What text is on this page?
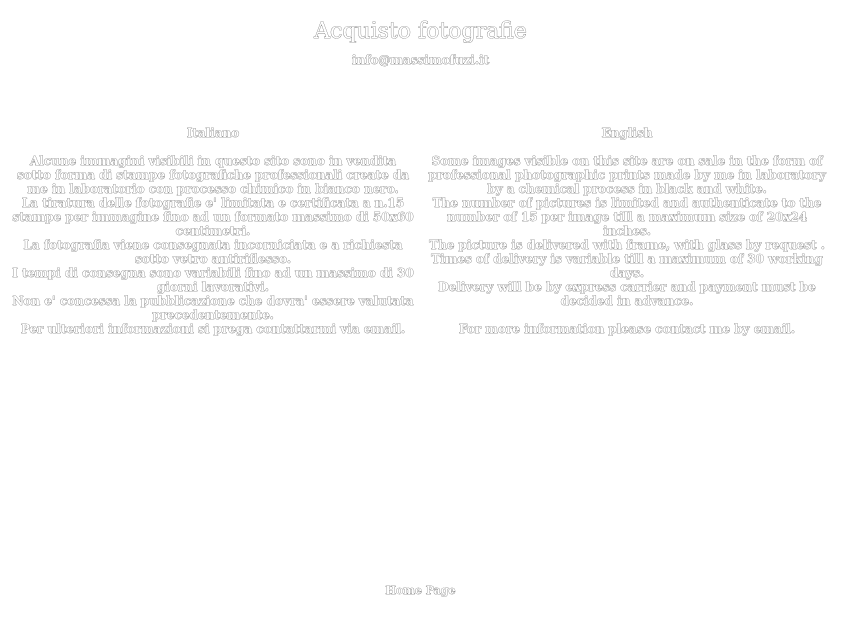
Acquisto fotografie
info@massimofuzi.it
Italiano

Alcune immagini visibili in questo sito sono in vendita sotto forma di stampe fotografiche professionali create da me in laboratorio con processo chimico in bianco nero.

La tiratura delle fotografie e' limitata e certificata a n.15 stampe per immagine fino ad un formato massimo di 50x60 centimetri.

La fotografia viene consegnata incorniciata e a richiesta sotto vetro antiriflesso.

I tempi di consegna sono variabili fino ad un massimo di 30 giorni lavorativi.

Non e' concessa la pubblicazione che dovra' essere valutata precedentemente.

Per ulteriori informazioni si prega contattarmi via email.

English

Some images visible on this site are on sale in the form of professional photographic prints made by me in laboratory by a chemical process in black and white.

The number of pictures is limited and authenticate to the number of 15 per image till a maximum size of 20x24 inches.

The picture is delivered with frame, with glass by request .

Times of delivery is variable till a maximum of 30 working days.

Delivery will be by express carrier and payment must be decided in advance.

For more information please contact me by email.

Home Page
